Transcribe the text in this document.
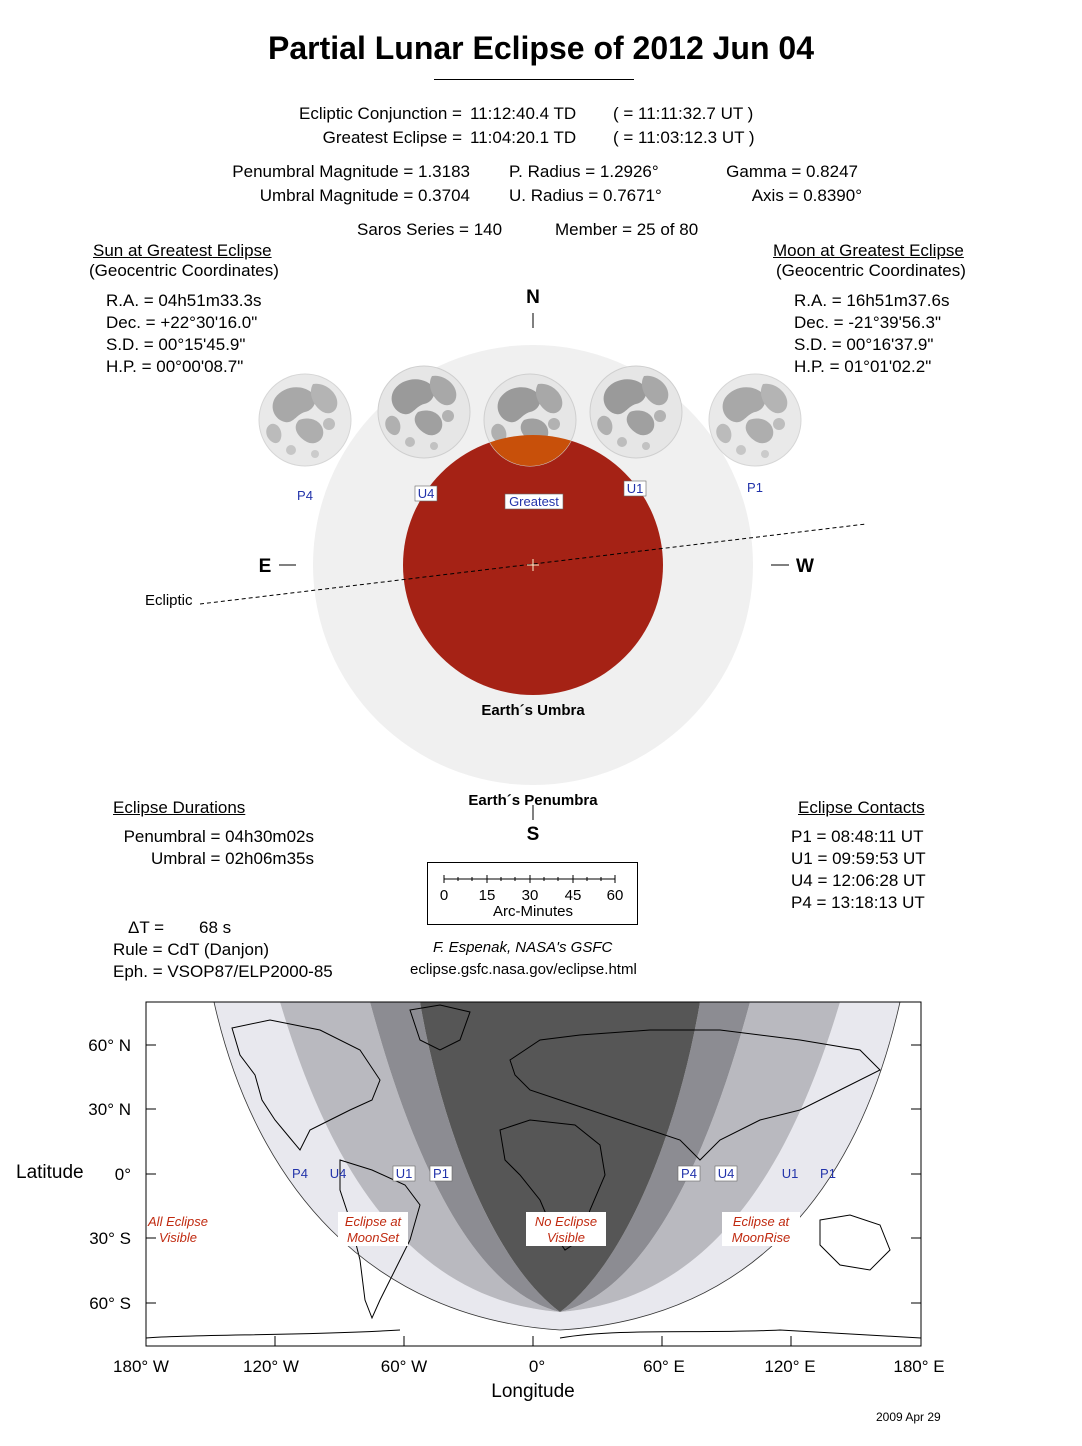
Partial Lunar Eclipse of 2012 Jun 04
Ecliptic Conjunction = 11:12:40.4 TD ( = 11:11:32.7 UT )
Greatest Eclipse = 11:04:20.1 TD ( = 11:03:12.3 UT )
Penumbral Magnitude = 1.3183
Umbral Magnitude = 0.3704
P. Radius = 1.2926°
U. Radius = 0.7671°
Gamma = 0.8247
Axis = 0.8390°
Saros Series = 140	Member = 25 of 80
Sun at Greatest Eclipse
(Geocentric Coordinates)
R.A. = 04h51m33.3s
Dec. = +22°30'16.0"
S.D. = 00°15'45.9"
H.P. = 00°00'08.7"
Moon at Greatest Eclipse
(Geocentric Coordinates)
R.A. = 16h51m37.6s
Dec. = -21°39'56.3"
S.D. = 00°16'37.9"
H.P. = 01°01'02.2"
N
S
E	W
Ecliptic
Earth´s Umbra
Earth´s Penumbra
P4	U4
Greatest
U1	P1
Eclipse Durations
Penumbral = 04h30m02s
Umbral = 02h06m35s
Eclipse Contacts
P1 = 08:48:11 UT
U1 = 09:59:53 UT
U4 = 12:06:28 UT
P4 = 13:18:13 UT
0 15 30 45 60
Arc-Minutes
ΔT = 68 s
Rule = CdT (Danjon)
Eph. = VSOP87/ELP2000-85
F. Espenak, NASA's GSFC
eclipse.gsfc.nasa.gov/eclipse.html
60° N
30° N
0°
30° S
60° S
Latitude
180° W	120° W	60° W	0°	60° E	120° E	180° E
Longitude
P4 U4	U1 P1	P4 U4	U1 P1
All Eclipse
Visible
Eclipse at
MoonSet
No Eclipse
Visible
Eclipse at
MoonRise
2009 Apr 29
